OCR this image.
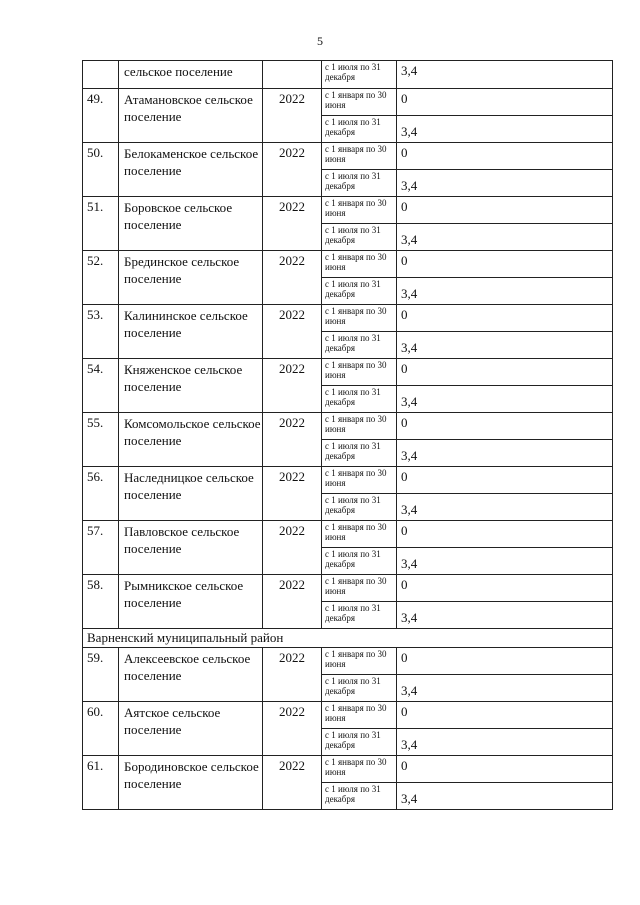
5
	сельское поселение		с 1 июля по 31 декабря	3,4
49.	Атамановское сельское поселение	2022	с 1 января по 30 июня	0
			с 1 июля по 31 декабря	3,4
50.	Белокаменское сельское поселение	2022	с 1 января по 30 июня	0
			с 1 июля по 31 декабря	3,4
51.	Боровское сельское поселение	2022	с 1 января по 30 июня	0
			с 1 июля по 31 декабря	3,4
52.	Брединское сельское поселение	2022	с 1 января по 30 июня	0
			с 1 июля по 31 декабря	3,4
53.	Калининское сельское поселение	2022	с 1 января по 30 июня	0
			с 1 июля по 31 декабря	3,4
54.	Княженское сельское поселение	2022	с 1 января по 30 июня	0
			с 1 июля по 31 декабря	3,4
55.	Комсомольское сельское поселение	2022	с 1 января по 30 июня	0
			с 1 июля по 31 декабря	3,4
56.	Наследницкое сельское поселение	2022	с 1 января по 30 июня	0
			с 1 июля по 31 декабря	3,4
57.	Павловское сельское поселение	2022	с 1 января по 30 июня	0
			с 1 июля по 31 декабря	3,4
58.	Рымникское сельское поселение	2022	с 1 января по 30 июня	0
			с 1 июля по 31 декабря	3,4
Варненский муниципальный район				
59.	Алексеевское сельское поселение	2022	с 1 января по 30 июня	0
			с 1 июля по 31 декабря	3,4
60.	Аятское сельское поселение	2022	с 1 января по 30 июня	0
			с 1 июля по 31 декабря	3,4
61.	Бородиновское сельское поселение	2022	с 1 января по 30 июня	0
			с 1 июля по 31 декабря	3,4
